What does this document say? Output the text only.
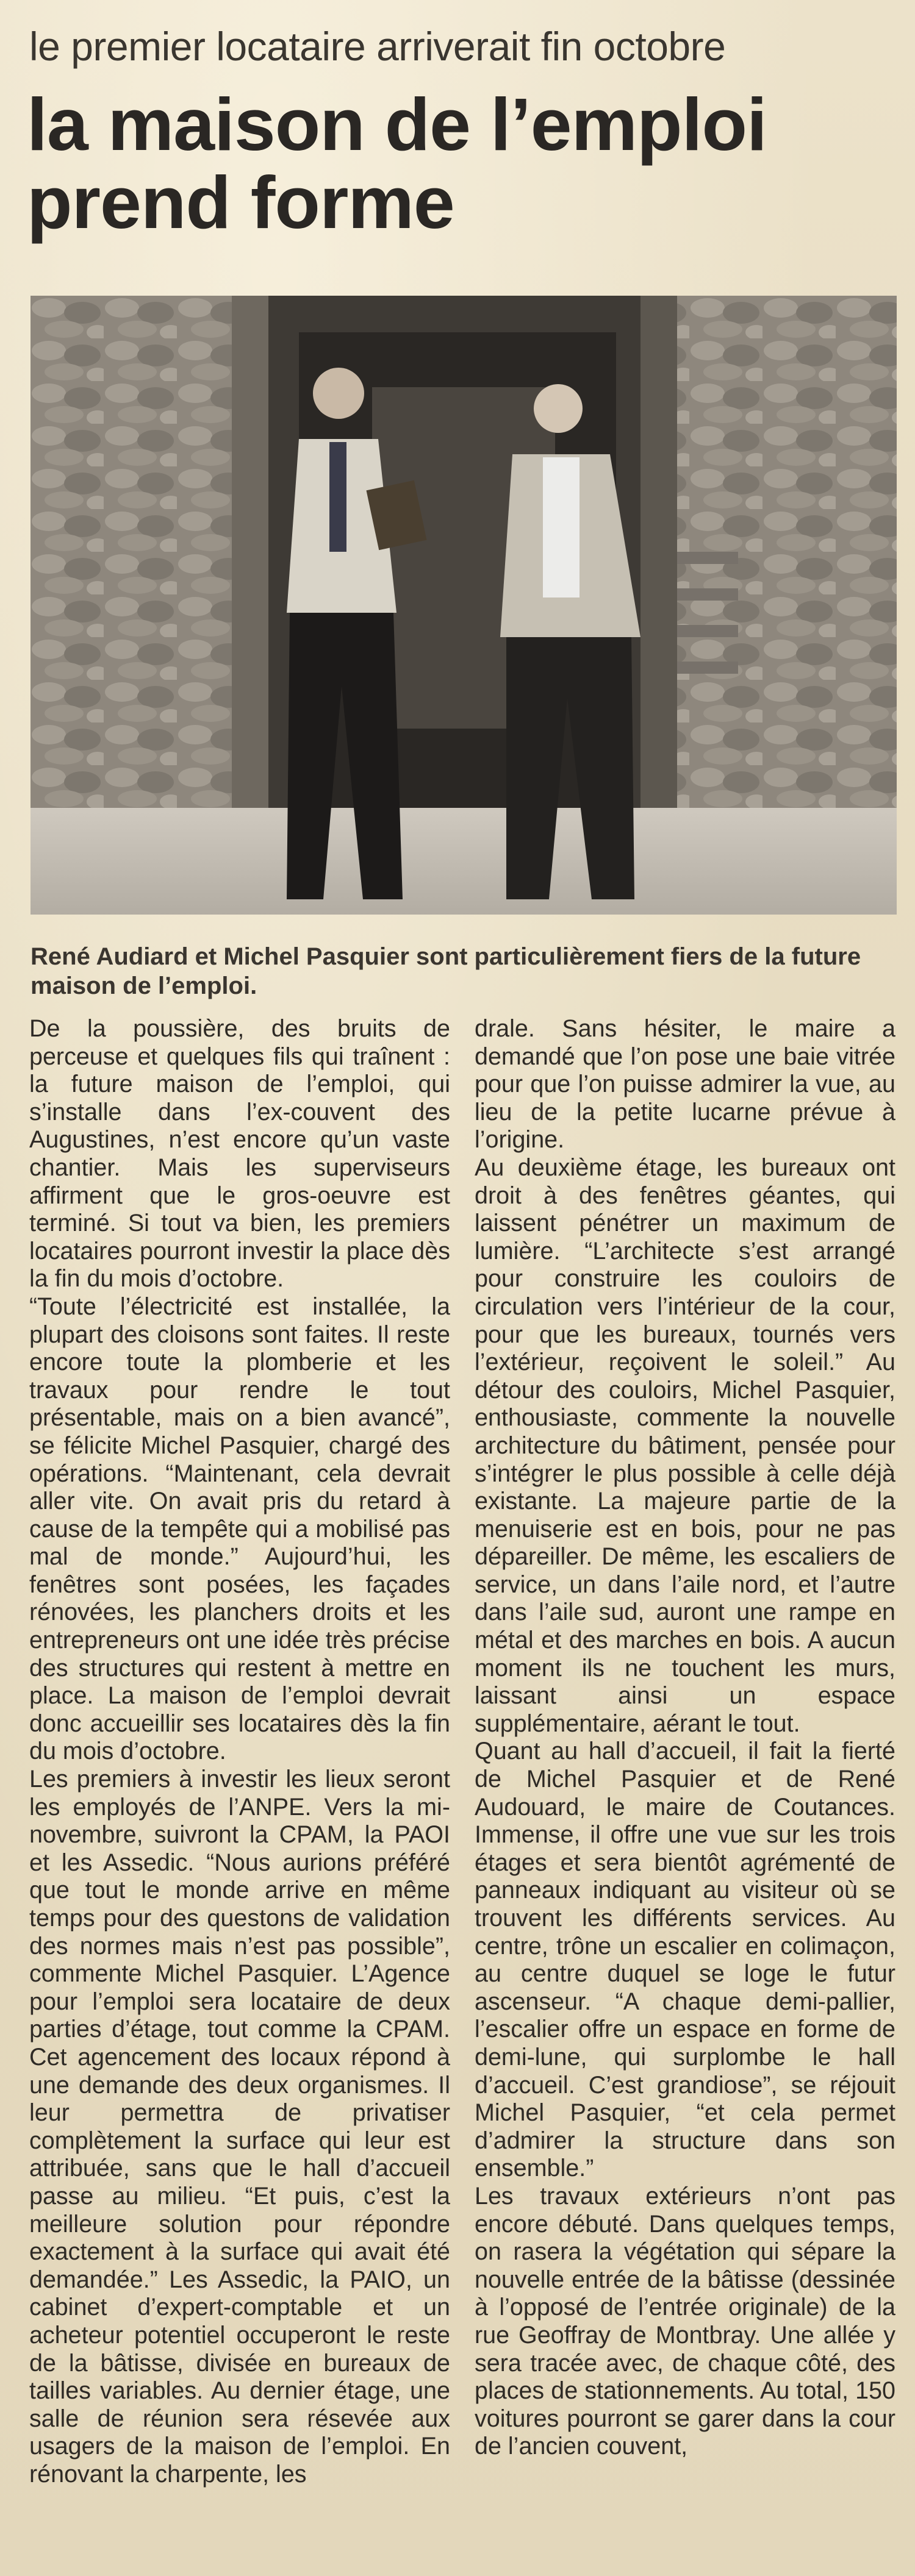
le premier locataire arriverait fin octobre
la maison de l’emploi prend forme
René Audiard et Michel Pasquier sont particulièrement fiers de la future maison de l’emploi.

De la poussière, des bruits de perceuse et quelques fils qui traînent : la future maison de l’emploi, qui s’installe dans l’ex-couvent des Augustines, n’est encore qu’un vaste chantier. Mais les superviseurs affirment que le gros-oeuvre est terminé. Si tout va bien, les premiers locataires pourront investir la place dès la fin du mois d’octobre.

“Toute l’électricité est installée, la plupart des cloisons sont faites. Il reste encore toute la plomberie et les travaux pour rendre le tout présentable, mais on a bien avancé”, se félicite Michel Pasquier, chargé des opérations. “Maintenant, cela devrait aller vite. On avait pris du retard à cause de la tempête qui a mobilisé pas mal de monde.” Aujourd’hui, les fenêtres sont posées, les façades rénovées, les planchers droits et les entrepreneurs ont une idée très précise des structures qui restent à mettre en place. La maison de l’emploi devrait donc accueillir ses locataires dès la fin du mois d’octobre.

Les premiers à investir les lieux seront les employés de l’ANPE. Vers la mi-novembre, suivront la CPAM, la PAOI et les Assedic. “Nous aurions préféré que tout le monde arrive en même temps pour des questons de validation des normes mais n’est pas possible”, commente Michel Pasquier. L’Agence pour l’emploi sera locataire de deux parties d’étage, tout comme la CPAM. Cet agencement des locaux répond à une demande des deux organismes. Il leur permettra de privatiser complètement la surface qui leur est attribuée, sans que le hall d’accueil passe au milieu. “Et puis, c’est la meilleure solution pour répondre exactement à la surface qui avait été demandée.” Les Assedic, la PAIO, un cabinet d’expert-comptable et un acheteur potentiel occuperont le reste de la bâtisse, divisée en bureaux de tailles variables. Au dernier étage, une salle de réunion sera résevée aux usagers de la maison de l’emploi. En rénovant la charpente, les

drale. Sans hésiter, le maire a demandé que l’on pose une baie vitrée pour que l’on puisse admirer la vue, au lieu de la petite lucarne prévue à l’origine.

Au deuxième étage, les bureaux ont droit à des fenêtres géantes, qui laissent pénétrer un maximum de lumière. “L’architecte s’est arrangé pour construire les couloirs de circulation vers l’intérieur de la cour, pour que les bureaux, tournés vers l’extérieur, reçoivent le soleil.” Au détour des couloirs, Michel Pasquier, enthousiaste, commente la nouvelle architecture du bâtiment, pensée pour s’intégrer le plus possible à celle déjà existante. La majeure partie de la menuiserie est en bois, pour ne pas dépareiller. De même, les escaliers de service, un dans l’aile nord, et l’autre dans l’aile sud, auront une rampe en métal et des marches en bois. A aucun moment ils ne touchent les murs, laissant ainsi un espace supplémentaire, aérant le tout.

Quant au hall d’accueil, il fait la fierté de Michel Pasquier et de René Audouard, le maire de Coutances. Immense, il offre une vue sur les trois étages et sera bientôt agrémenté de panneaux indiquant au visiteur où se trouvent les différents services. Au centre, trône un escalier en colimaçon, au centre duquel se loge le futur ascenseur. “A chaque demi-pallier, l’escalier offre un espace en forme de demi-lune, qui surplombe le hall d’accueil. C’est grandiose”, se réjouit Michel Pasquier, “et cela permet d’admirer la structure dans son ensemble.”

Les travaux extérieurs n’ont pas encore débuté. Dans quelques temps, on rasera la végétation qui sépare la nouvelle entrée de la bâtisse (dessinée à l’opposé de l’entrée originale) de la rue Geoffray de Montbray. Une allée y sera tracée avec, de chaque côté, des places de stationnements. Au total, 150 voitures pourront se garer dans la cour de l’ancien couvent,
